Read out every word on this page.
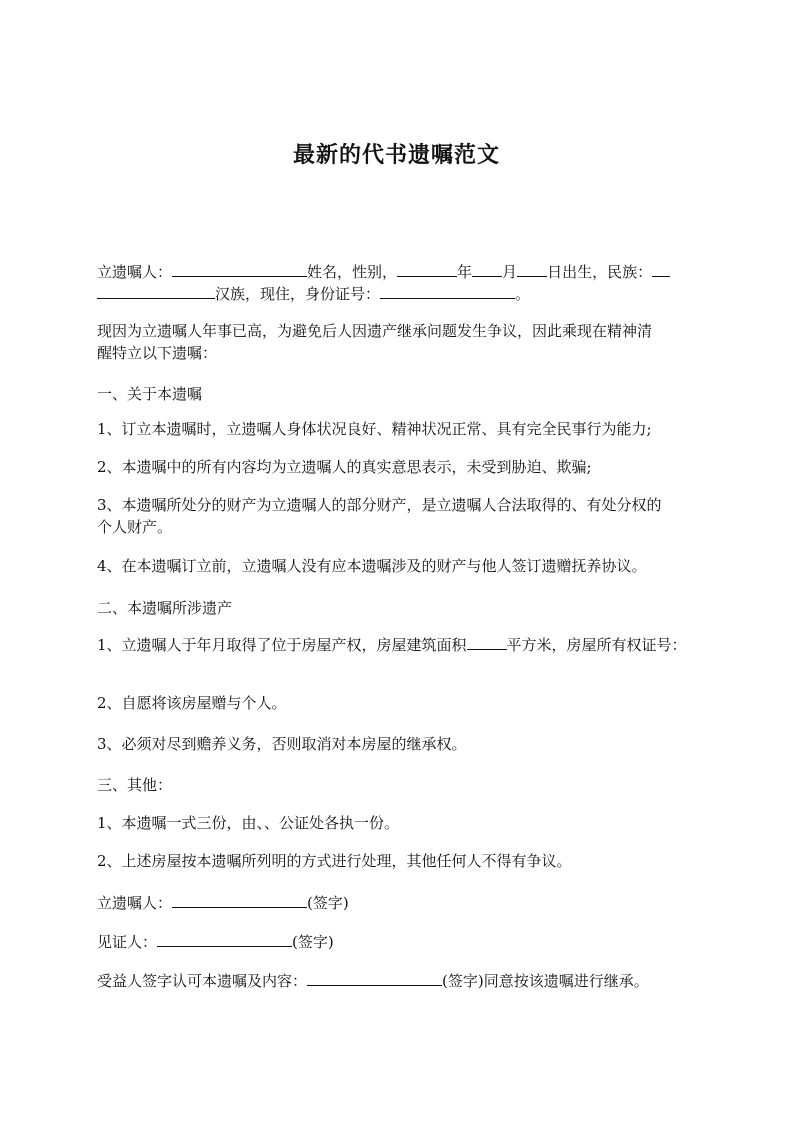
最新的代书遗嘱范文

立遗嘱人：	姓名，性别，	年 月 日出生，民族：

汉族，现住，身份证号：	。

现因为立遗嘱人年事已高，为避免后人因遗产继承问题发生争议，因此乘现在精神清

醒特立以下遗嘱：

一、关于本遗嘱

1、订立本遗嘱时，立遗嘱人身体状况良好、精神状况正常、具有完全民事行为能力;

2、本遗嘱中的所有内容均为立遗嘱人的真实意思表示，未受到胁迫、欺骗;

3、本遗嘱所处分的财产为立遗嘱人的部分财产，是立遗嘱人合法取得的、有处分权的

个人财产。

4、在本遗嘱订立前，立遗嘱人没有应本遗嘱涉及的财产与他人签订遗赠抚养协议。

二、本遗嘱所涉遗产

1、立遗嘱人于年月取得了位于房屋产权，房屋建筑面积	平方米，房屋所有权证号：

2、自愿将该房屋赠与个人。

3、必须对尽到赡养义务，否则取消对本房屋的继承权。

三、其他：

1、本遗嘱一式三份，由、、公证处各执一份。

2、上述房屋按本遗嘱所列明的方式进行处理，其他任何人不得有争议。

立遗嘱人：	(签字)

见证人：	(签字)

受益人签字认可本遗嘱及内容：	(签字)同意按该遗嘱进行继承。
